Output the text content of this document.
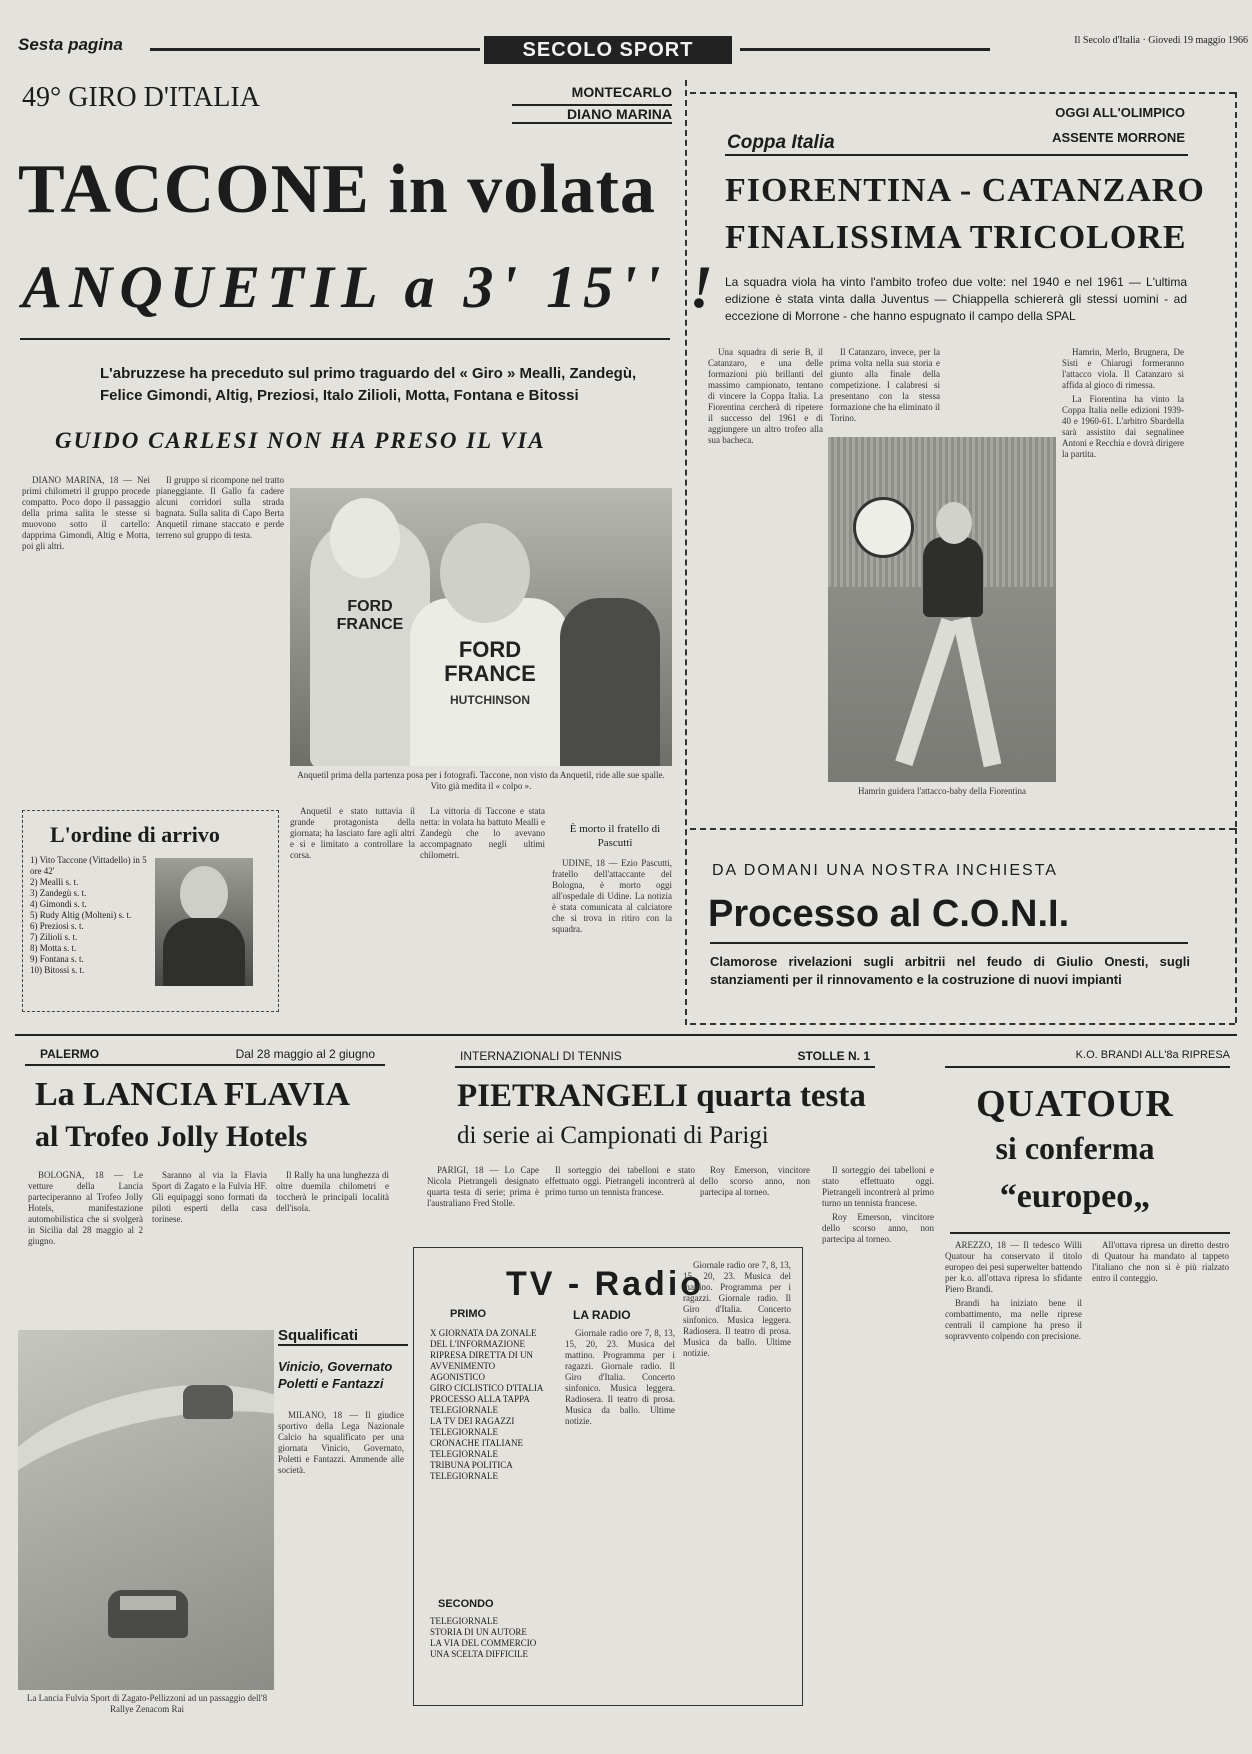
Sesta pagina	SECOLO SPORT	Il Secolo d'Italia · Giovedì 19 maggio 1966
49° GIRO D'ITALIA	MONTECARLO
DIANO MARINA
TACCONE in volata
ANQUETIL a 3' 15'' !
L'abruzzese ha preceduto sul primo traguardo del « Giro » Mealli, Zandegù, Felice Gimondi, Altig, Preziosi, Italo Zilioli, Motta, Fontana e Bitossi
GUIDO CARLESI NON HA PRESO IL VIA

DIANO MARINA, 18 — Nei primi chilometri il gruppo procede compatto. Poco dopo il passaggio della prima salita le stesse si muovono sotto il cartello: dapprima Gimondi, Altig e Motta, poi gli altri.

Il gruppo si ricompone nel tratto pianeggiante. Il Gallo fa cadere alcuni corridori sulla strada bagnata. Sulla salita di Capo Berta Anquetil rimane staccato e perde terreno sul gruppo di testa.

FORD FRANCE
FORD FRANCE
HUTCHINSON
Anquetil prima della partenza posa per i fotografi. Taccone, non visto da Anquetil, ride alle sue spalle. Vito già medita il « colpo ».

Anquetil e stato tuttavia il grande protagonista della giornata; ha lasciato fare agli altri e si e limitato a controllare la corsa.

La vittoria di Taccone e stata netta: in volata ha battuto Mealli e Zandegù che lo avevano accompagnato negli ultimi chilometri.

L'ordine di arrivo
1) Vito Taccone (Vittadello) in 5 ore 42'
2) Mealli s. t.
3) Zandegù s. t.
4) Gimondi s. t.
5) Rudy Altig (Molteni) s. t.
6) Preziosi s. t.
7) Zilioli s. t.
8) Motta s. t.
9) Fontana s. t.
10) Bitossi s. t.
È morto il fratello di Pascutti

UDINE, 18 — Ezio Pascutti, fratello dell'attaccante del Bologna, è morto oggi all'ospedale di Udine. La notizia è stata comunicata al calciatore che si trova in ritiro con la squadra.

OGGI ALL'OLIMPICO
Coppa Italia	ASSENTE MORRONE
FIORENTINA - CATANZARO
FINALISSIMA TRICOLORE
La squadra viola ha vinto l'ambito trofeo due volte: nel 1940 e nel 1961 — L'ultima edizione è stata vinta dalla Juventus — Chiappella schiererà gli stessi uomini - ad eccezione di Morrone - che hanno espugnato il campo della SPAL

Una squadra di serie B, il Catanzaro, e una delle formazioni più brillanti del massimo campionato, tentano di vincere la Coppa Italia. La Fiorentina cercherà di ripetere il successo del 1961 e di aggiungere un altro trofeo alla sua bacheca.

Il Catanzaro, invece, per la prima volta nella sua storia e giunto alla finale della competizione. I calabresi si presentano con la stessa formazione che ha eliminato il Torino.

Hamrin, Merlo, Brugnera, De Sisti e Chiarugi formeranno l'attacco viola. Il Catanzaro si affida al gioco di rimessa.

La Fiorentina ha vinto la Coppa Italia nelle edizioni 1939-40 e 1960-61. L'arbitro Sbardella sarà assistito dai segnalinee Antoni e Recchia e dovrà dirigere la partita.

Hamrin guidera l'attacco-baby della Fiorentina
DA DOMANI UNA NOSTRA INCHIESTA
Processo al C.O.N.I.
Clamorose rivelazioni sugli arbitrii nel feudo di Giulio Onesti, sugli stanziamenti per il rinnovamento e la costruzione di nuovi impianti
PALERMO	Dal 28 maggio al 2 giugno
La LANCIA FLAVIA
al Trofeo Jolly Hotels

BOLOGNA, 18 — Le vetture della Lancia parteciperanno al Trofeo Jolly Hotels, manifestazione automobilistica che si svolgerà in Sicilia dal 28 maggio al 2 giugno.

Saranno al via la Flavia Sport di Zagato e la Fulvia HF. Gli equipaggi sono formati da piloti esperti della casa torinese.

Il Rally ha una lunghezza di oltre duemila chilometri e toccherà le principali località dell'isola.

La Lancia Fulvia Sport di Zagato-Pellizzoni ad un passaggio dell'8 Rallye Zenacom Rai
Squalificati
Vinicio, Governato Poletti e Fantazzi

MILANO, 18 — Il giudice sportivo della Lega Nazionale Calcio ha squalificato per una giornata Vinicio, Governato, Poletti e Fantazzi. Ammende alle società.

INTERNAZIONALI DI TENNIS	STOLLE N. 1
PIETRANGELI quarta testa
di serie ai Campionati di Parigi

PARIGI, 18 — Lo Cape Nicola Pietrangeli designato quarta testa di serie; prima è l'australiano Fred Stolle.

Il sorteggio dei tabelloni e stato effettuato oggi. Pietrangeli incontrerà al primo turno un tennista francese.

Roy Emerson, vincitore dello scorso anno, non partecipa al torneo.

Il sorteggio dei tabelloni e stato effettuato oggi. Pietrangeli incontrerà al primo turno un tennista francese.

Roy Emerson, vincitore dello scorso anno, non partecipa al torneo.

TV - Radio
PRIMO	LA RADIO
X GIORNATA DA ZONALE DEL L'INFORMAZIONE
RIPRESA DIRETTA DI UN AVVENIMENTO AGONISTICO
GIRO CICLISTICO D'ITALIA
PROCESSO ALLA TAPPA
TELEGIORNALE
LA TV DEI RAGAZZI
TELEGIORNALE
CRONACHE ITALIANE
TELEGIORNALE
TRIBUNA POLITICA
TELEGIORNALE
SECONDO
TELEGIORNALE
STORIA DI UN AUTORE
LA VIA DEL COMMERCIO
UNA SCELTA DIFFICILE

Giornale radio ore 7, 8, 13, 15, 20, 23. Musica del mattino. Programma per i ragazzi. Giornale radio. Il Giro d'Italia. Concerto sinfonico. Musica leggera. Radiosera. Il teatro di prosa. Musica da ballo. Ultime notizie.

Giornale radio ore 7, 8, 13, 15, 20, 23. Musica del mattino. Programma per i ragazzi. Giornale radio. Il Giro d'Italia. Concerto sinfonico. Musica leggera. Radiosera. Il teatro di prosa. Musica da ballo. Ultime notizie.

K.O. BRANDI ALL'8a RIPRESA
QUATOUR
si conferma
“europeo„

AREZZO, 18 — Il tedesco Willi Quatour ha conservato il titolo europeo dei pesi superwelter battendo per k.o. all'ottava ripresa lo sfidante Piero Brandi.

Brandi ha iniziato bene il combattimento, ma nelle riprese centrali il campione ha preso il sopravvento colpendo con precisione.

All'ottava ripresa un diretto destro di Quatour ha mandato al tappeto l'italiano che non si è più rialzato entro il conteggio.
